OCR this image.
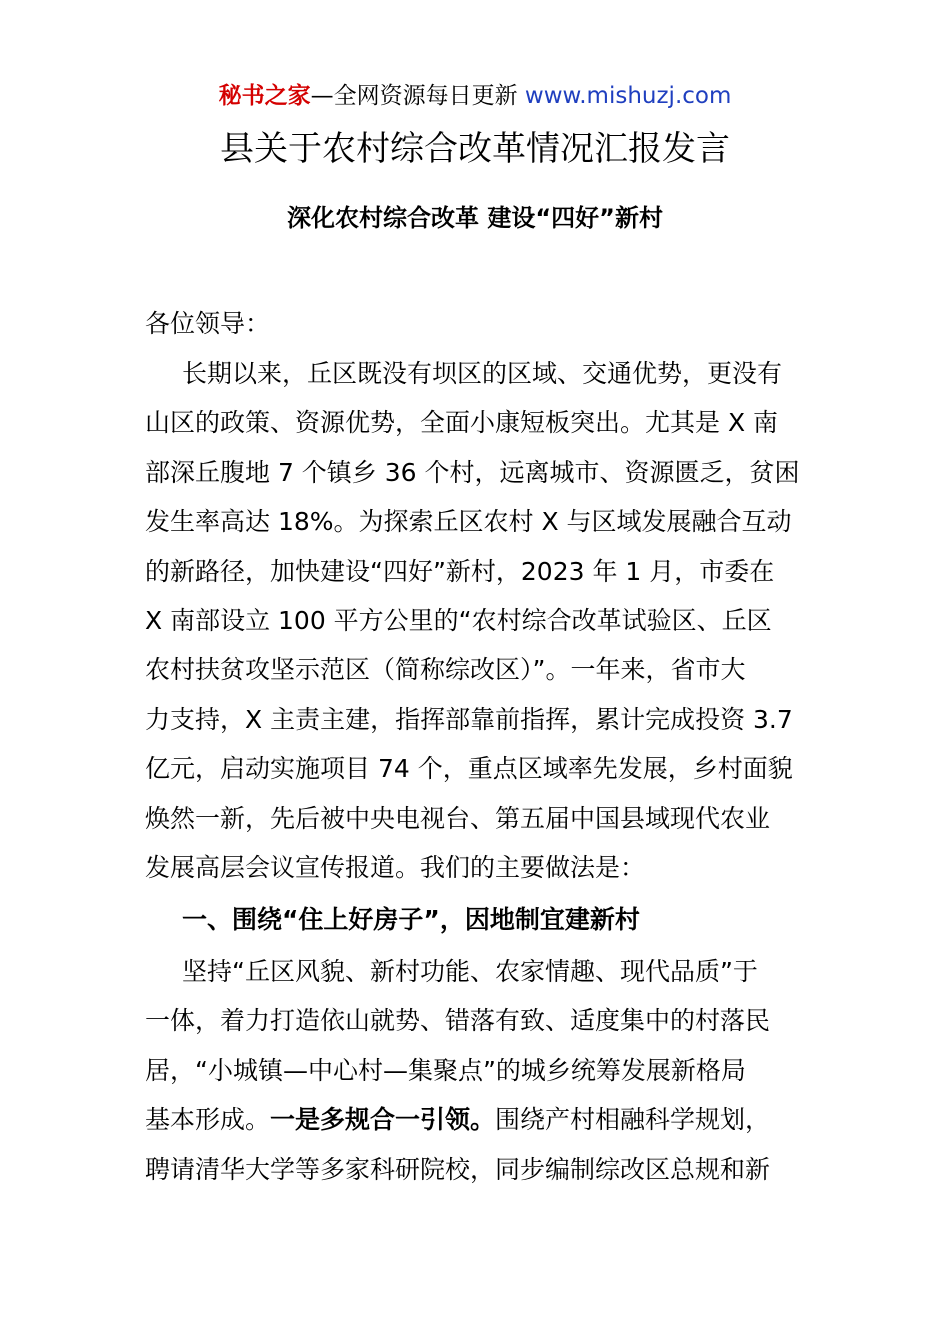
秘书之家—全网资源每日更新 www.mishuzj.com
县关于农村综合改革情况汇报发言
深化农村综合改革 建设“四好”新村
各位领导：
长期以来，丘区既没有坝区的区域、交通优势，更没有
山区的政策、资源优势，全面小康短板突出。尤其是 X 南
部深丘腹地 7 个镇乡 36 个村，远离城市、资源匮乏，贫困
发生率高达 18%。为探索丘区农村 X 与区域发展融合互动
的新路径，加快建设“四好”新村，2023 年 1 月，市委在
X 南部设立 100 平方公里的“农村综合改革试验区、丘区
农村扶贫攻坚示范区（简称综改区）”。一年来，省市大
力支持，X 主责主建，指挥部靠前指挥，累计完成投资 3.7
亿元，启动实施项目 74 个，重点区域率先发展，乡村面貌
焕然一新，先后被中央电视台、第五届中国县域现代农业
发展高层会议宣传报道。我们的主要做法是：
一、围绕“住上好房子”，因地制宜建新村
坚持“丘区风貌、新村功能、农家情趣、现代品质”于
一体，着力打造依山就势、错落有致、适度集中的村落民
居，“小城镇—中心村—集聚点”的城乡统筹发展新格局
基本形成。一是多规合一引领。围绕产村相融科学规划，
聘请清华大学等多家科研院校，同步编制综改区总规和新
